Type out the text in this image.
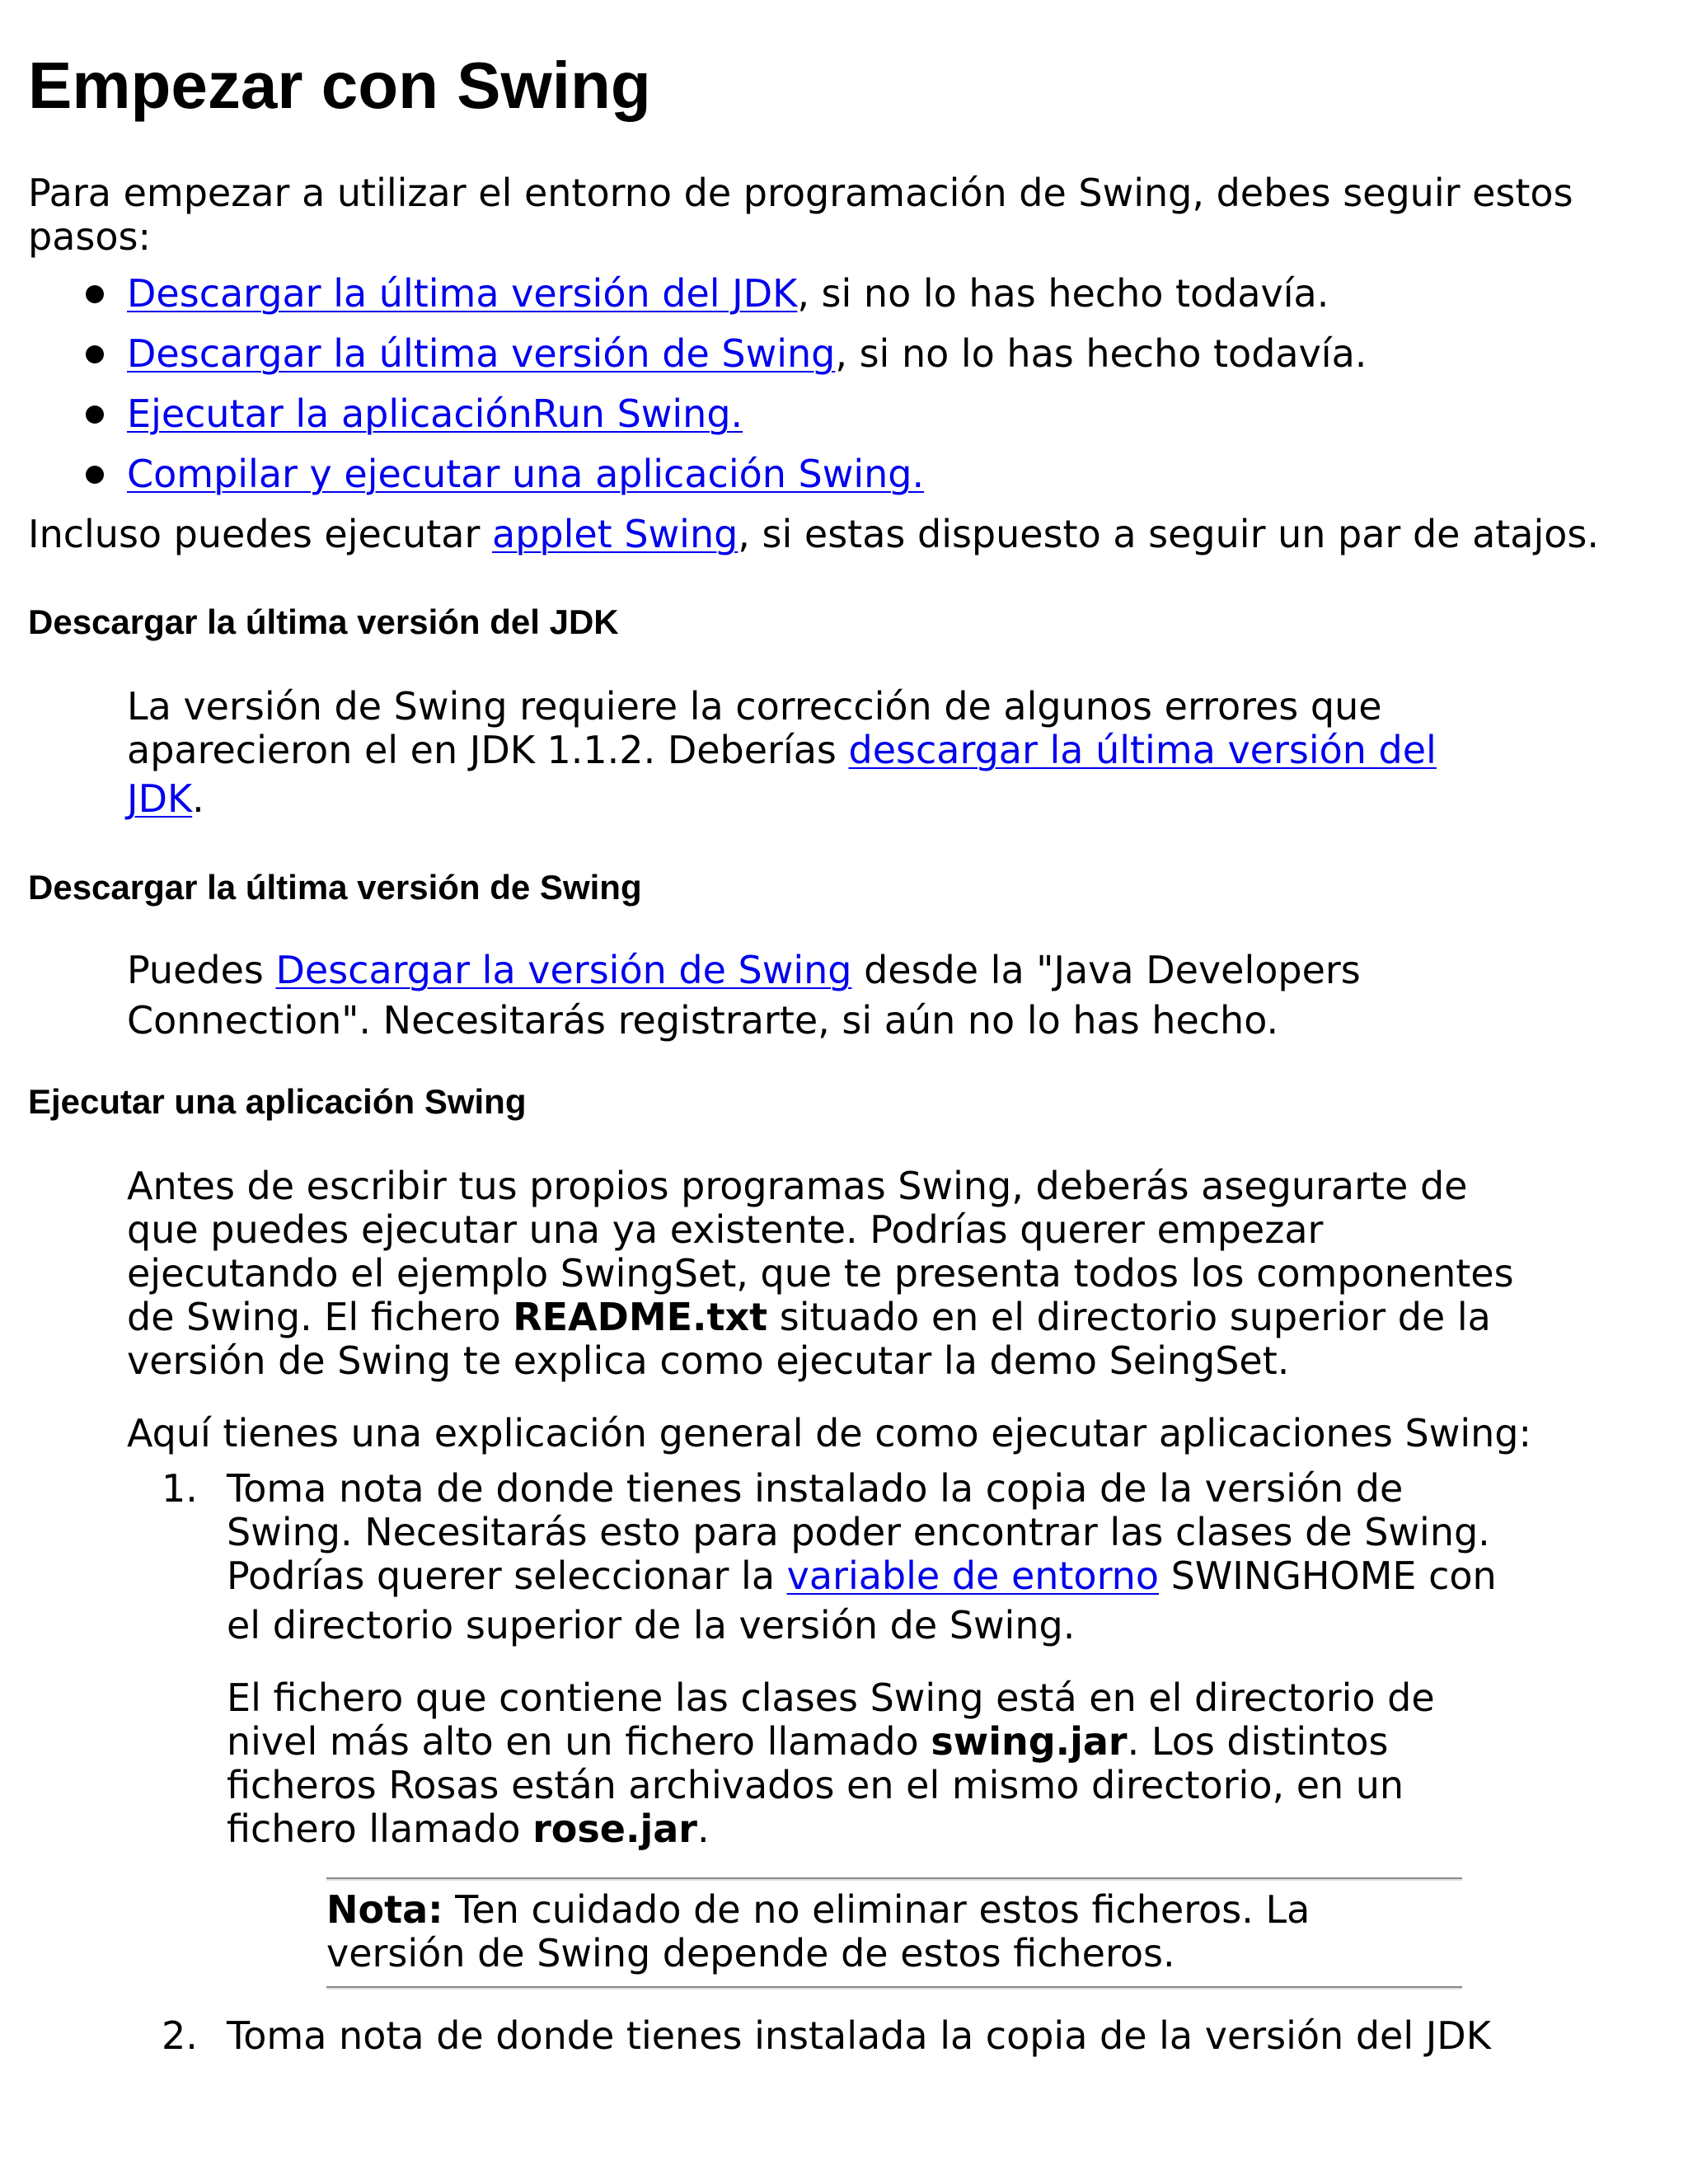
Empezar con Swing

Para empezar a utilizar el entorno de programación de Swing, debes seguir estos pasos:

Descargar la última versión del JDK, si no lo has hecho todavía.

Descargar la última versión de Swing, si no lo has hecho todavía.

Ejecutar la aplicaciónRun Swing.

Compilar y ejecutar una aplicación Swing.

Incluso puedes ejecutar applet Swing, si estas dispuesto a seguir un par de atajos.

Descargar la última versión del JDK

La versión de Swing requiere la corrección de algunos errores que

aparecieron el en JDK 1.1.2. Deberías descargar la última versión del

JDK.

Descargar la última versión de Swing

Puedes Descargar la versión de Swing desde la "Java Developers

Connection". Necesitarás registrarte, si aún no lo has hecho.

Ejecutar una aplicación Swing

Antes de escribir tus propios programas Swing, deberás asegurarte de

que puedes ejecutar una ya existente. Podrías querer empezar

ejecutando el ejemplo SwingSet, que te presenta todos los componentes

de Swing. El fichero README.txt situado en el directorio superior de la

versión de Swing te explica como ejecutar la demo SeingSet.

Aquí tienes una explicación general de como ejecutar aplicaciones Swing:

1. Toma nota de donde tienes instalado la copia de la versión de

Swing. Necesitarás esto para poder encontrar las clases de Swing.

Podrías querer seleccionar la variable de entorno SWINGHOME con

el directorio superior de la versión de Swing.

El fichero que contiene las clases Swing está en el directorio de

nivel más alto en un fichero llamado swing.jar. Los distintos

ficheros Rosas están archivados en el mismo directorio, en un

fichero llamado rose.jar.

Nota: Ten cuidado de no eliminar estos ficheros. La

versión de Swing depende de estos ficheros.

2. Toma nota de donde tienes instalada la copia de la versión del JDK
